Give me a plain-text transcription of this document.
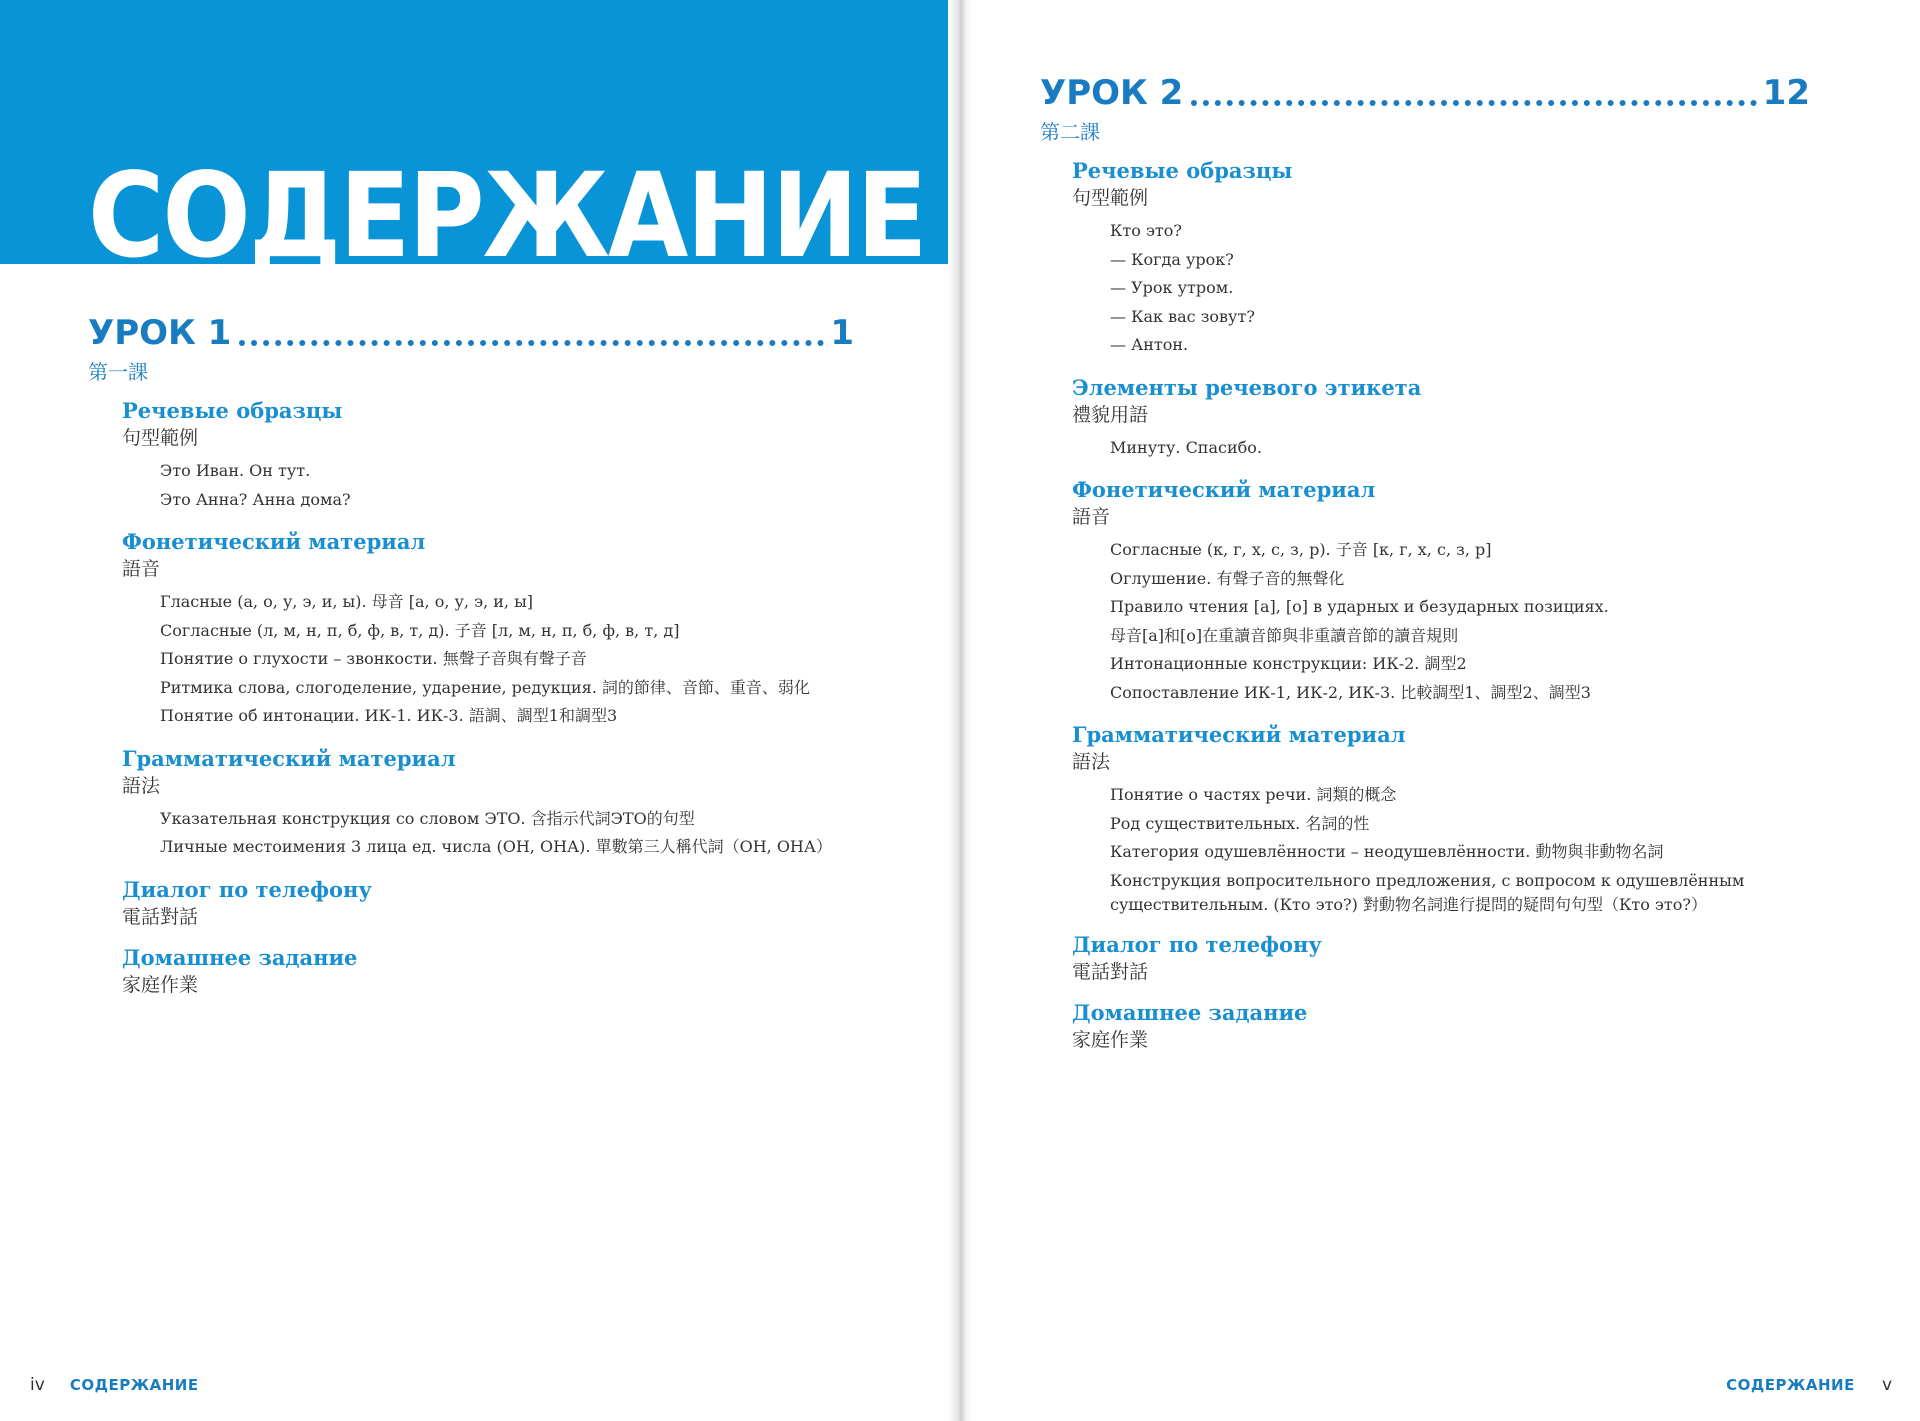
СОДЕРЖАНИЕ
УРОК 1	1
第一課
Речевые образцы
句型範例
Это Иван. Он тут.
Это Анна? Анна дома?
Фонетический материал
語音
Гласные (а, о, у, э, и, ы). 母音 [а, о, у, э, и, ы]
Согласные (л, м, н, п, б, ф, в, т, д). 子音 [л, м, н, п, б, ф, в, т, д]
Понятие о глухости – звонкости. 無聲子音與有聲子音
Ритмика слова, слогоделение, ударение, редукция. 詞的節律、音節、重音、弱化
Понятие об интонации. ИК-1. ИК-3. 語調、調型1和調型3
Грамматический материал
語法
Указательная конструкция со словом ЭТО. 含指示代詞ЭТО的句型
Личные местоимения 3 лица ед. числа (ОН, ОНА). 單數第三人稱代詞（ОН, ОНА）
Диалог по телефону
電話對話
Домашнее задание
家庭作業
iv СОДЕРЖАНИЕ
УРОК 2	12
第二課
Речевые образцы
句型範例
Кто это?
— Когда урок?
— Урок утром.
— Как вас зовут?
— Антон.
Элементы речевого этикета
禮貌用語
Минуту. Спасибо.
Фонетический материал
語音
Согласные (к, г, х, с, з, р). 子音 [к, г, х, с, з, р]
Оглушение. 有聲子音的無聲化
Правило чтения [а], [о] в ударных и безударных позициях.
母音[а]和[о]在重讀音節與非重讀音節的讀音規則
Интонационные конструкции: ИК-2. 調型2
Сопоставление ИК-1, ИК-2, ИК-3. 比較調型1、調型2、調型3
Грамматический материал
語法
Понятие о частях речи. 詞類的概念
Род существительных. 名詞的性
Категория одушевлённости – неодушевлённости. 動物與非動物名詞
Конструкция вопросительного предложения, с вопросом к одушевлённым существительным. (Кто это?) 對動物名詞進行提問的疑問句句型（Кто это?）
Диалог по телефону
電話對話
Домашнее задание
家庭作業
СОДЕРЖАНИЕ v
